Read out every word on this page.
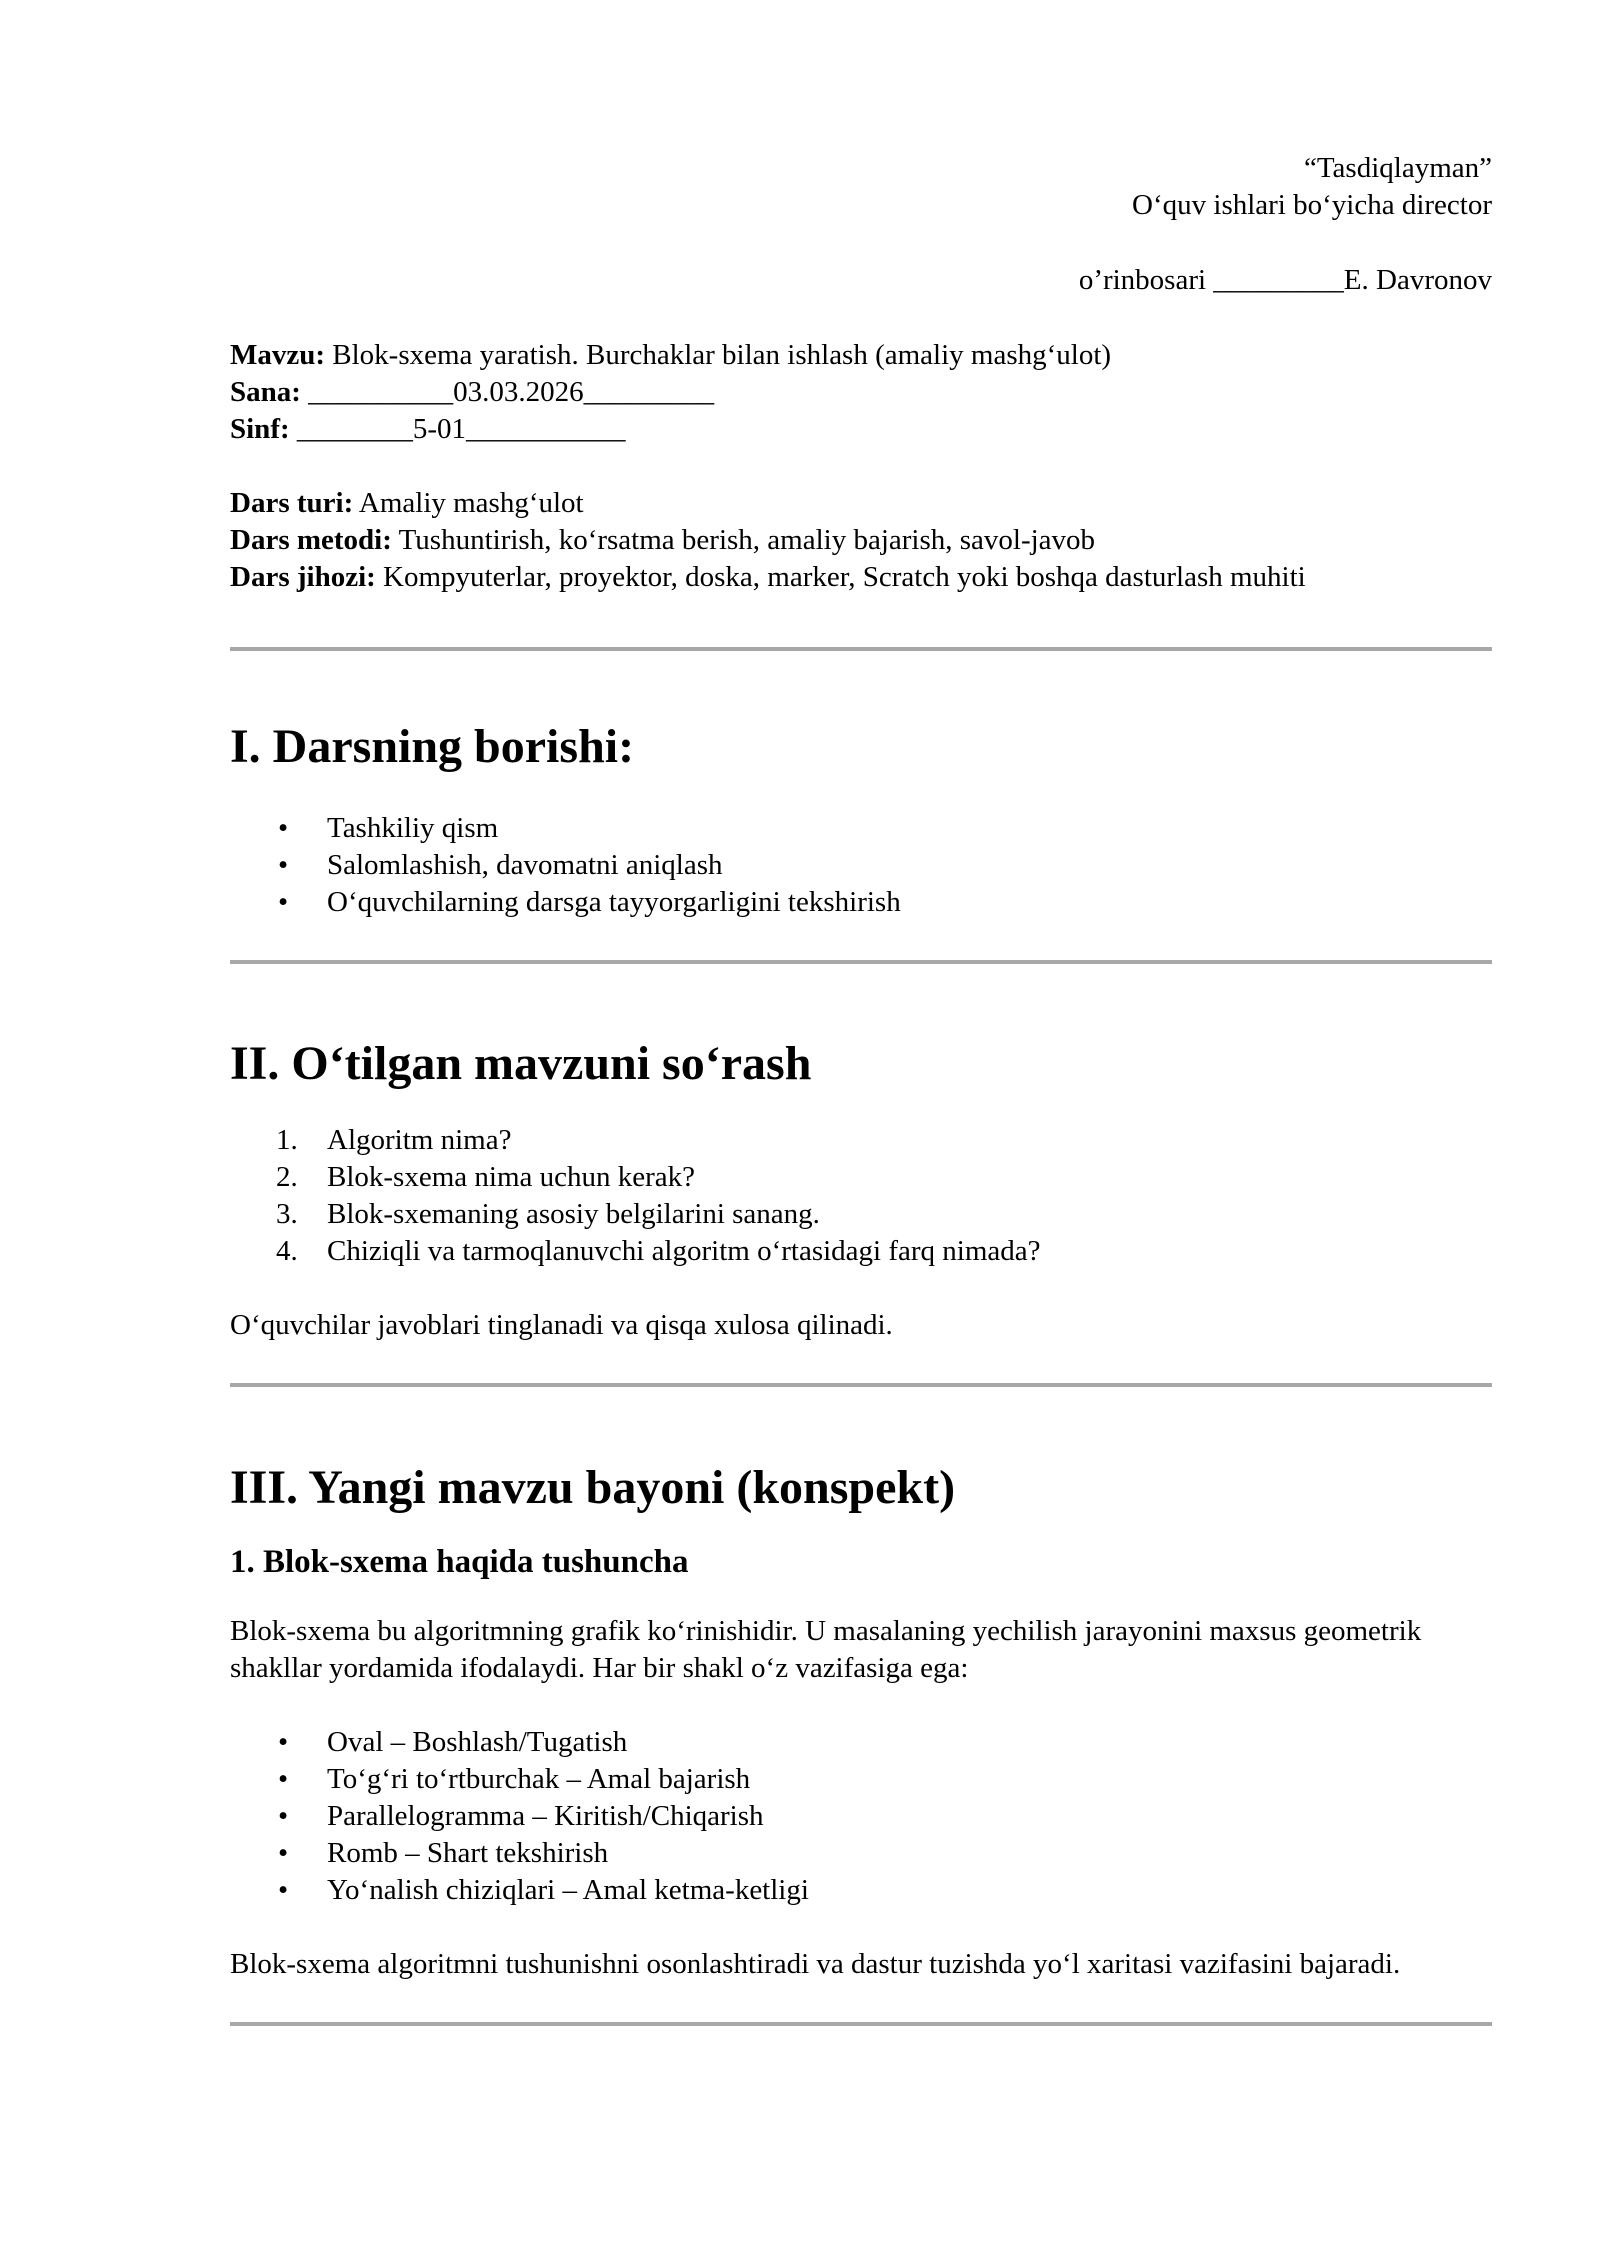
“Tasdiqlayman”
O‘quv ishlari bo‘yicha director
o’rinbosari _________E. Davronov
Mavzu: Blok-sxema yaratish. Burchaklar bilan ishlash (amaliy mashg‘ulot)
Sana: __________03.03.2026_________
Sinf: ________5-01___________
Dars turi: Amaliy mashg‘ulot
Dars metodi: Tushuntirish, ko‘rsatma berish, amaliy bajarish, savol-javob
Dars jihozi: Kompyuterlar, proyektor, doska, marker, Scratch yoki boshqa dasturlash muhiti
I. Darsning borishi:
• Tashkiliy qism
• Salomlashish, davomatni aniqlash
• O‘quvchilarning darsga tayyorgarligini tekshirish
II. O‘tilgan mavzuni so‘rash
1. Algoritm nima?
2. Blok-sxema nima uchun kerak?
3. Blok-sxemaning asosiy belgilarini sanang.
4. Chiziqli va tarmoqlanuvchi algoritm o‘rtasidagi farq nimada?

O‘quvchilar javoblari tinglanadi va qisqa xulosa qilinadi.

III. Yangi mavzu bayoni (konspekt)
1. Blok-sxema haqida tushuncha

Blok-sxema bu algoritmning grafik ko‘rinishidir. U masalaning yechilish jarayonini maxsus geometrik shakllar yordamida ifodalaydi. Har bir shakl o‘z vazifasiga ega:

• Oval – Boshlash/Tugatish
• To‘g‘ri to‘rtburchak – Amal bajarish
• Parallelogramma – Kiritish/Chiqarish
• Romb – Shart tekshirish
• Yo‘nalish chiziqlari – Amal ketma-ketligi

Blok-sxema algoritmni tushunishni osonlashtiradi va dastur tuzishda yo‘l xaritasi vazifasini bajaradi.
